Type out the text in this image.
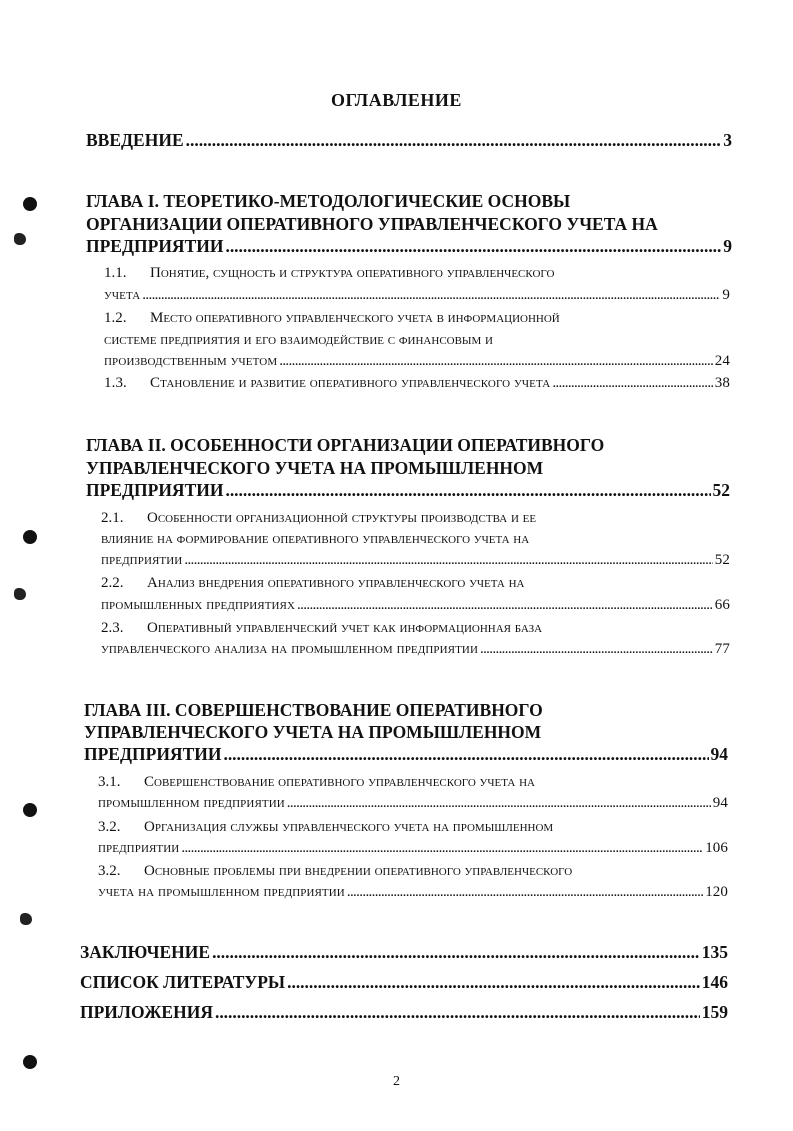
ОГЛАВЛЕНИЕ
ВВЕДЕНИЕ . . .	3
ГЛАВА I. ТЕОРЕТИКО-МЕТОДОЛОГИЧЕСКИЕ ОСНОВЫ
ОРГАНИЗАЦИИ ОПЕРАТИВНОГО УПРАВЛЕНЧЕСКОГО УЧЕТА НА
ПРЕДПРИЯТИИ . . .	9
1.1. Понятие, сущность и структура оперативного управленческого
учета . . .	9
1.2. Место оперативного управленческого учета в информационной
системе предприятия и его взаимодействие с финансовым и
производственным учетом . . .	24
1.3. Становление и развитие оперативного управленческого учета . . .	38
ГЛАВА II. ОСОБЕННОСТИ ОРГАНИЗАЦИИ ОПЕРАТИВНОГО
УПРАВЛЕНЧЕСКОГО УЧЕТА НА ПРОМЫШЛЕННОМ
ПРЕДПРИЯТИИ . . .	52
2.1. Особенности организационной структуры производства и ее
влияние на формирование оперативного управленческого учета на
предприятии . . .	52
2.2. Анализ внедрения оперативного управленческого учета на
промышленных предприятиях . . .	66
2.3. Оперативный управленческий учет как информационная база
управленческого анализа на промышленном предприятии . . .	77
ГЛАВА III. СОВЕРШЕНСТВОВАНИЕ ОПЕРАТИВНОГО
УПРАВЛЕНЧЕСКОГО УЧЕТА НА ПРОМЫШЛЕННОМ
ПРЕДПРИЯТИИ . . .	94
3.1. Совершенствование оперативного управленческого учета на
промышленном предприятии . . .	94
3.2. Организация службы управленческого учета на промышленном
предприятии . . .	106
3.2. Основные проблемы при внедрении оперативного управленческого
учета на промышленном предприятии . . .	120
ЗАКЛЮЧЕНИЕ . . .	135
СПИСОК ЛИТЕРАТУРЫ . . .	146
ПРИЛОЖЕНИЯ . . .	159
2
